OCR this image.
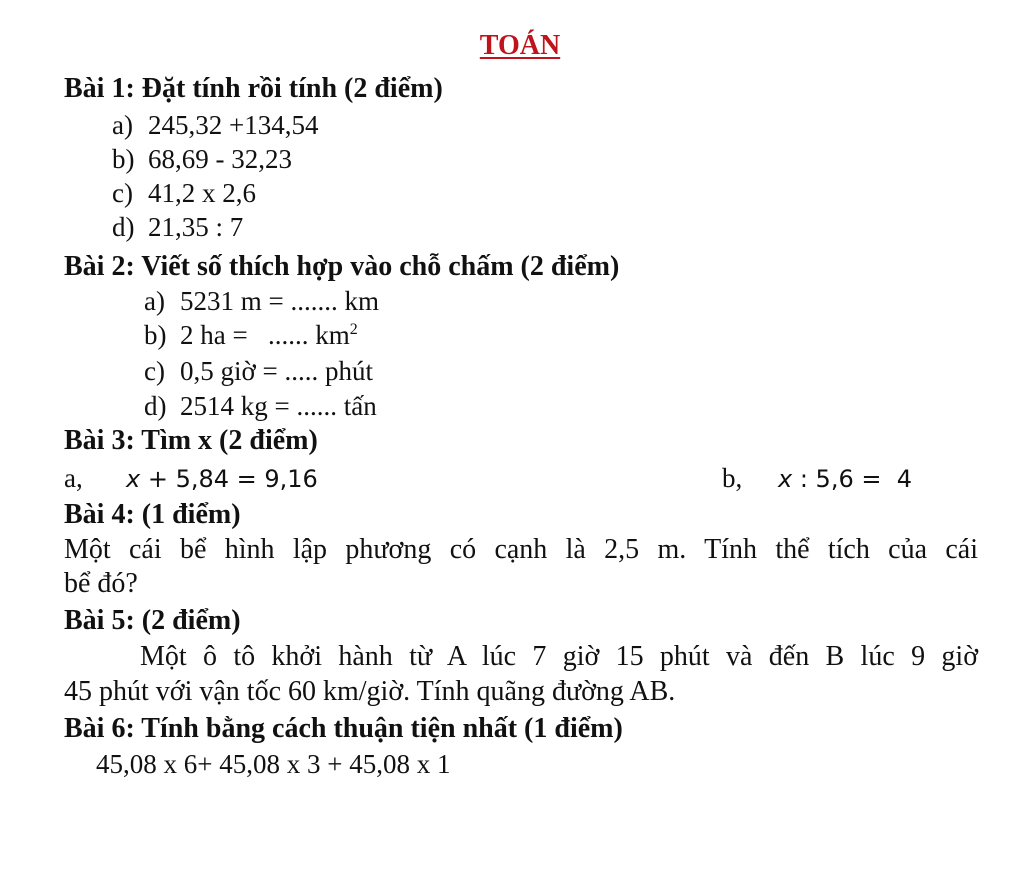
TOÁN
Bài 1: Đặt tính rồi tính (2 điểm)
a) 245,32 +134,54
b) 68,69 - 32,23
c) 41,2 x 2,6
d) 21,35 : 7
Bài 2: Viết số thích hợp vào chỗ chấm (2 điểm)
a) 5231 m = ....... km
b) 2 ha =   ...... $km^2$
c) 0,5 giờ = ..... phút
d) 2514 kg = ...... tấn
Bài 3: Tìm x (2 điểm)
a, x + 5,84 = 9,16	b, x : 5,6 =  4
Bài 4: (1 điểm)
Một cái bể hình lập phương có cạnh là 2,5 m. Tính thể tích của cái
bể đó?
Bài 5: (2 điểm)
Một ô tô khởi hành từ A lúc 7 giờ 15 phút và đến B lúc 9 giờ
45 phút với vận tốc 60 km/giờ. Tính quãng đường AB.
Bài 6: Tính bằng cách thuận tiện nhất (1 điểm)
45,08 x 6+ 45,08 x 3 + 45,08 x 1
